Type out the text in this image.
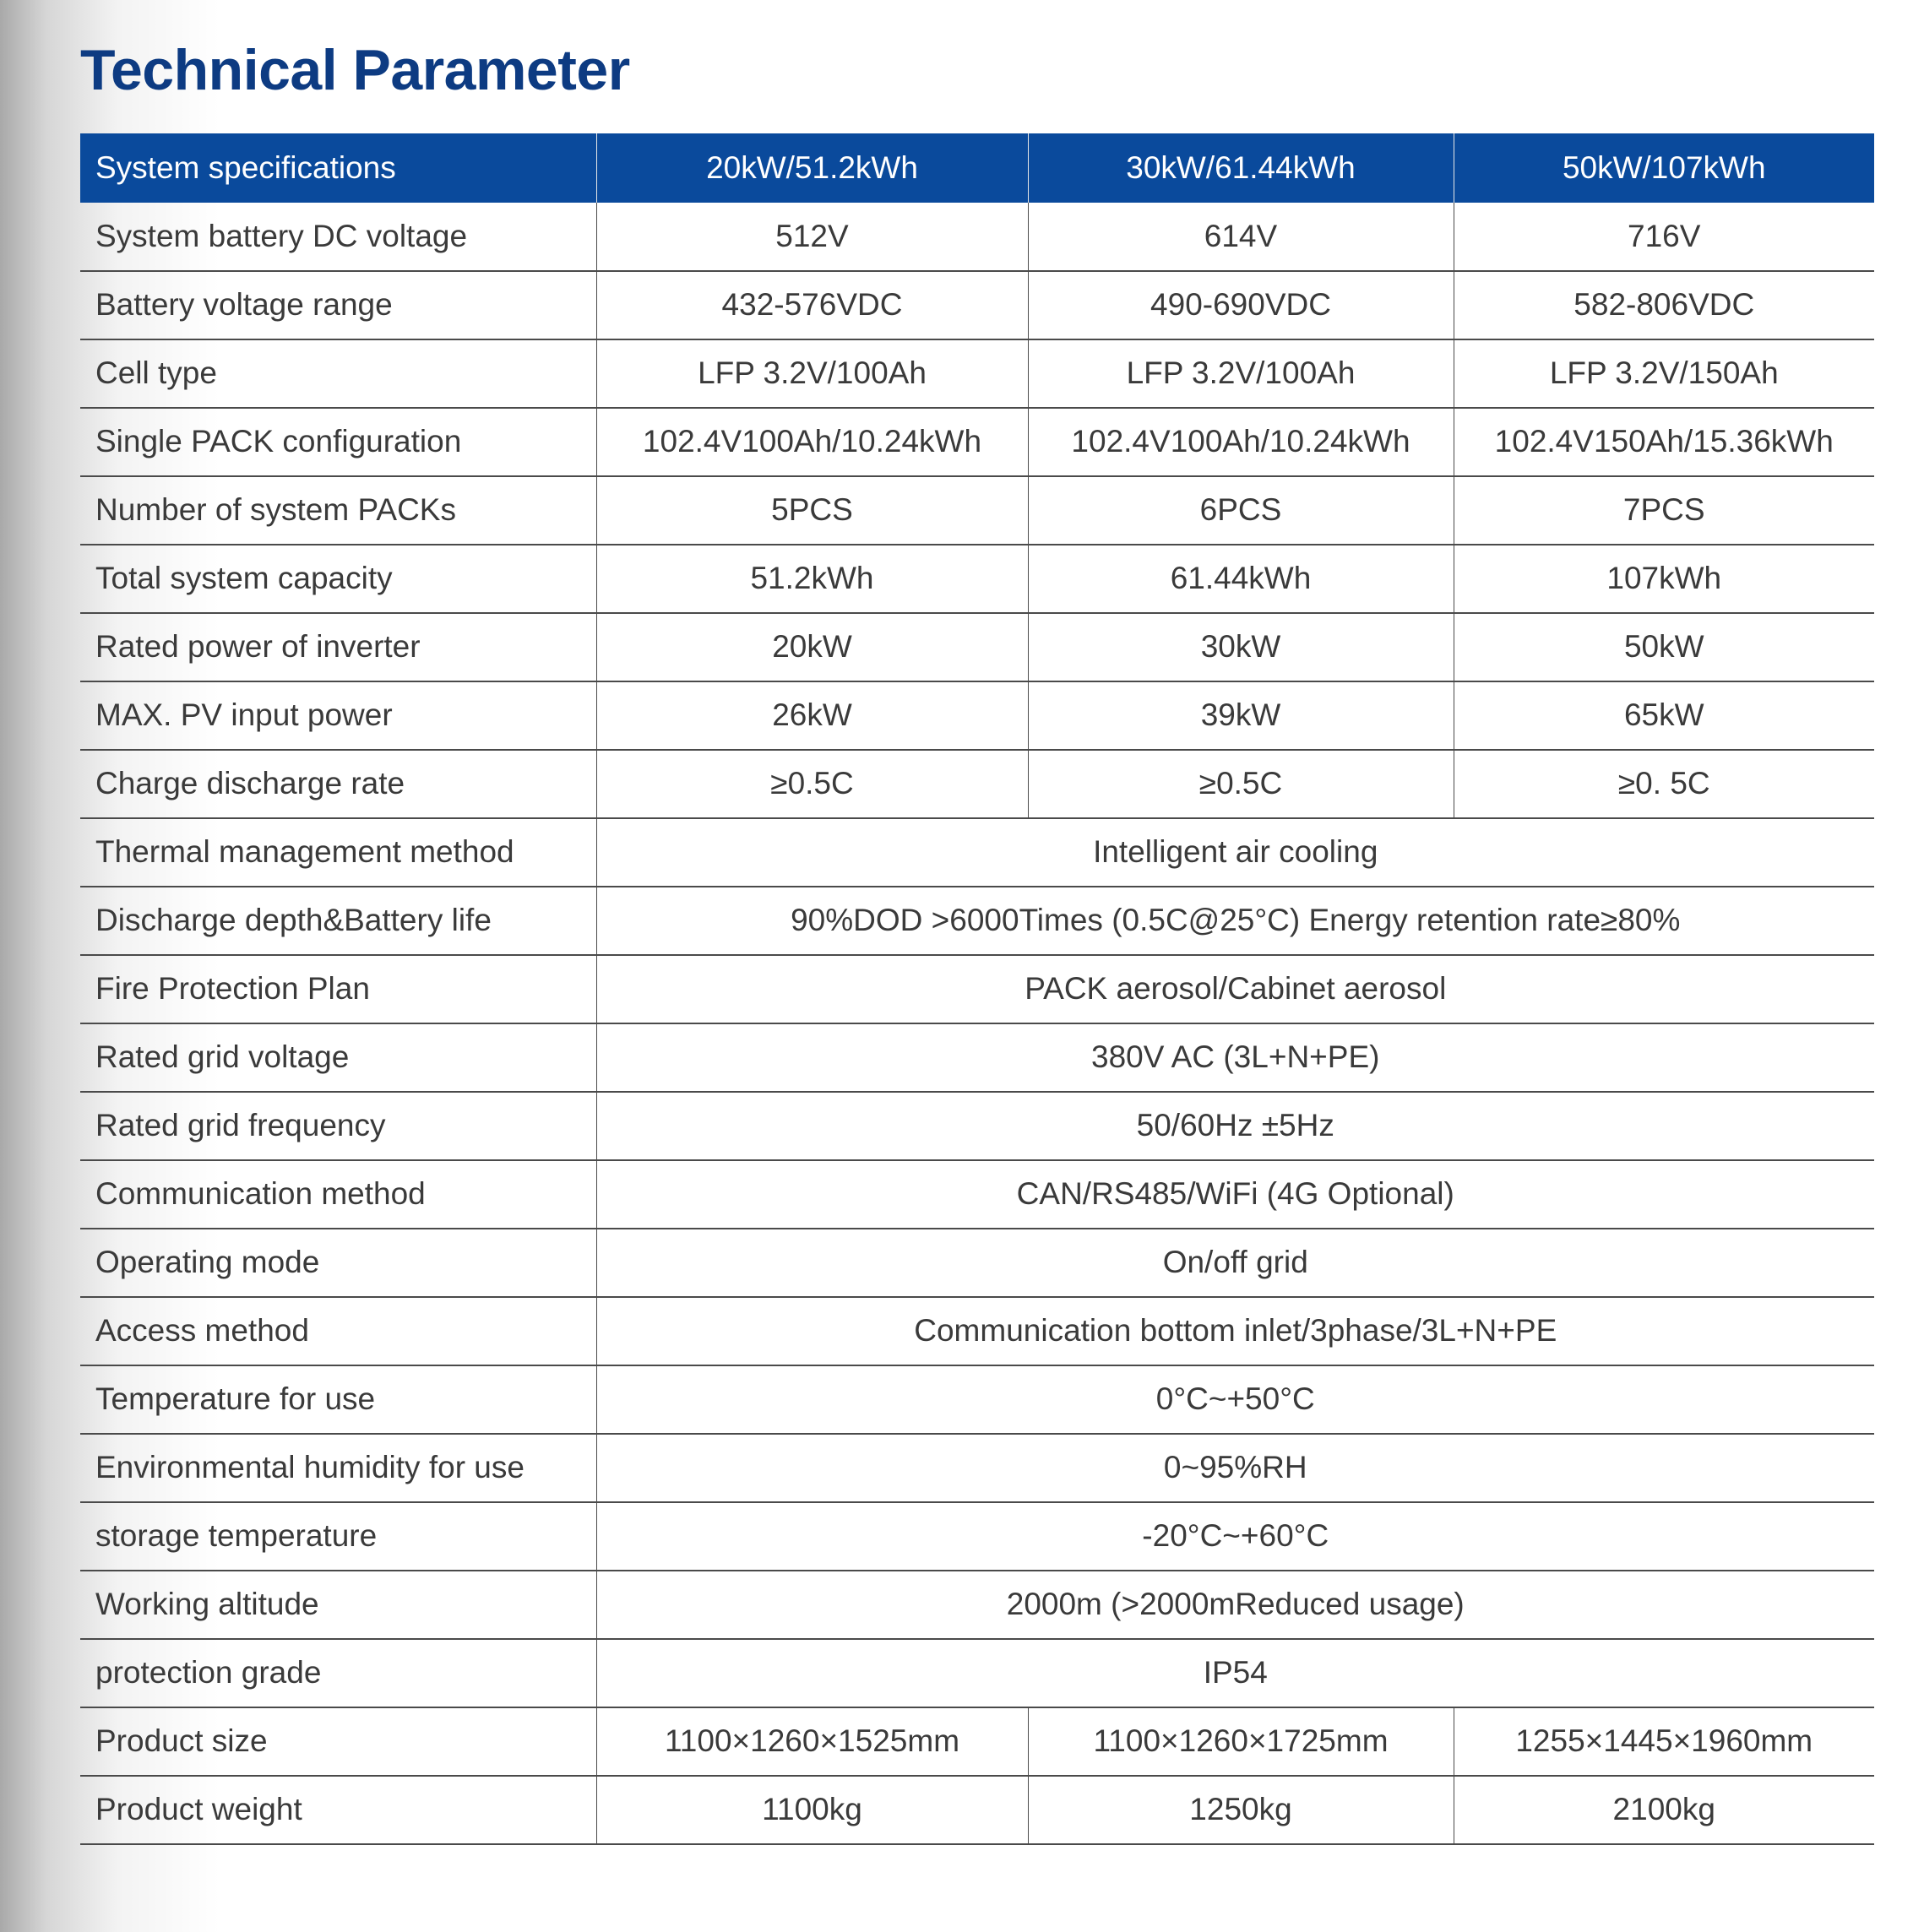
Technical Parameter
System specifications	20kW/51.2kWh	30kW/61.44kWh	50kW/107kWh
System battery DC voltage	512V	614V	716V
Battery voltage range	432-576VDC	490-690VDC	582-806VDC
Cell type	LFP 3.2V/100Ah	LFP 3.2V/100Ah	LFP 3.2V/150Ah
Single PACK configuration	102.4V100Ah/10.24kWh	102.4V100Ah/10.24kWh	102.4V150Ah/15.36kWh
Number of system PACKs	5PCS	6PCS	7PCS
Total system capacity	51.2kWh	61.44kWh	107kWh
Rated power of inverter	20kW	30kW	50kW
MAX. PV input power	26kW	39kW	65kW
Charge discharge rate	≥0.5C	≥0.5C	≥0. 5C
Thermal management method	Intelligent air cooling		
Discharge depth&Battery life	90%DOD >6000Times (0.5C@25°C) Energy retention rate≥80%		
Fire Protection Plan	PACK aerosol/Cabinet aerosol		
Rated grid voltage	380V AC (3L+N+PE)		
Rated grid frequency	50/60Hz ±5Hz		
Communication method	CAN/RS485/WiFi (4G Optional)		
Operating mode	On/off grid		
Access method	Communication bottom inlet/3phase/3L+N+PE		
Temperature for use	0°C~+50°C		
Environmental humidity for use	0~95%RH		
storage temperature	-20°C~+60°C		
Working altitude	2000m (>2000mReduced usage)		
protection grade	IP54		
Product size	1100×1260×1525mm	1100×1260×1725mm	1255×1445×1960mm
Product weight	1100kg	1250kg	2100kg
